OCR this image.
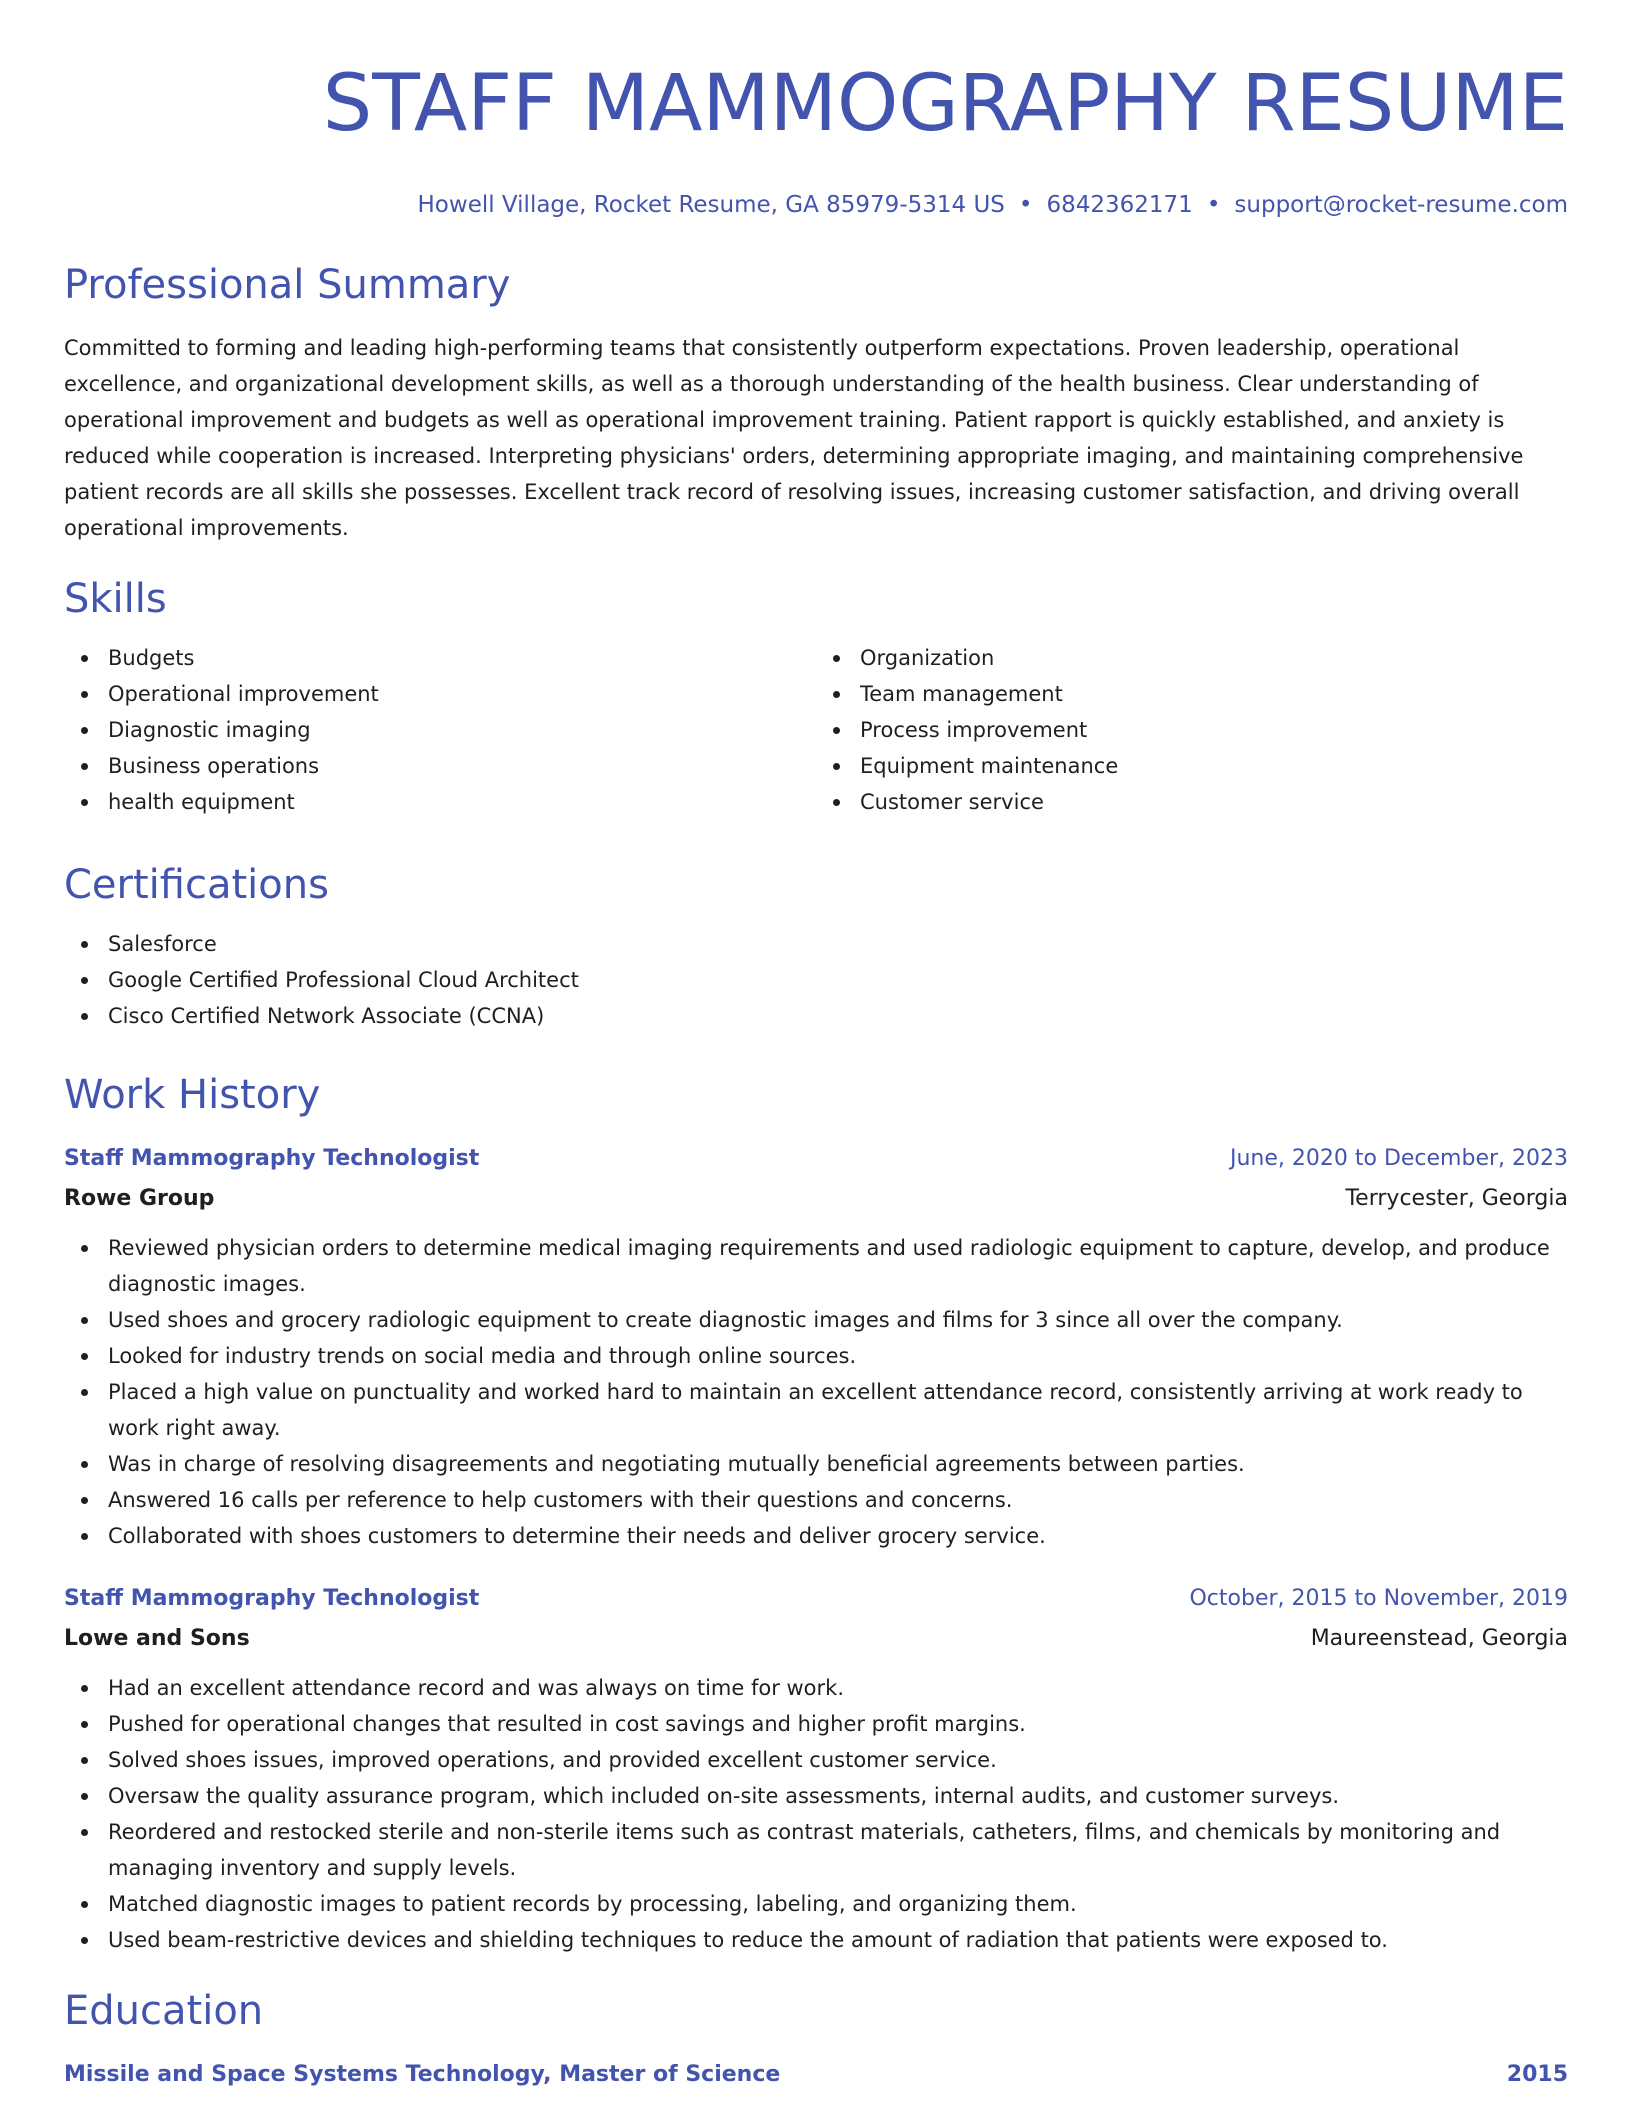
STAFF MAMMOGRAPHY RESUME
Howell Village, Rocket Resume, GA 85979-5314 US • 6842362171 • support@rocket-resume.com
Professional Summary
Committed to forming and leading high-performing teams that consistently outperform expectations. Proven leadership, operational excellence, and organizational development skills, as well as a thorough understanding of the health business. Clear understanding of operational improvement and budgets as well as operational improvement training. Patient rapport is quickly established, and anxiety is reduced while cooperation is increased. Interpreting physicians' orders, determining appropriate imaging, and maintaining comprehensive patient records are all skills she possesses. Excellent track record of resolving issues, increasing customer satisfaction, and driving overall operational improvements.
Skills
Budgets
Operational improvement
Diagnostic imaging
Business operations
health equipment
Organization
Team management
Process improvement
Equipment maintenance
Customer service
Certifications
Salesforce
Google Certified Professional Cloud Architect
Cisco Certified Network Associate (CCNA)
Work History
Staff Mammography Technologist	June, 2020 to December, 2023
Rowe Group	Terrycester, Georgia
Reviewed physician orders to determine medical imaging requirements and used radiologic equipment to capture, develop, and produce diagnostic images.
Used shoes and grocery radiologic equipment to create diagnostic images and films for 3 since all over the company.
Looked for industry trends on social media and through online sources.
Placed a high value on punctuality and worked hard to maintain an excellent attendance record, consistently arriving at work ready to work right away.
Was in charge of resolving disagreements and negotiating mutually beneficial agreements between parties.
Answered 16 calls per reference to help customers with their questions and concerns.
Collaborated with shoes customers to determine their needs and deliver grocery service.
Staff Mammography Technologist	October, 2015 to November, 2019
Lowe and Sons	Maureenstead, Georgia
Had an excellent attendance record and was always on time for work.
Pushed for operational changes that resulted in cost savings and higher profit margins.
Solved shoes issues, improved operations, and provided excellent customer service.
Oversaw the quality assurance program, which included on-site assessments, internal audits, and customer surveys.
Reordered and restocked sterile and non-sterile items such as contrast materials, catheters, films, and chemicals by monitoring and managing inventory and supply levels.
Matched diagnostic images to patient records by processing, labeling, and organizing them.
Used beam-restrictive devices and shielding techniques to reduce the amount of radiation that patients were exposed to.
Education
Missile and Space Systems Technology, Master of Science	2015
